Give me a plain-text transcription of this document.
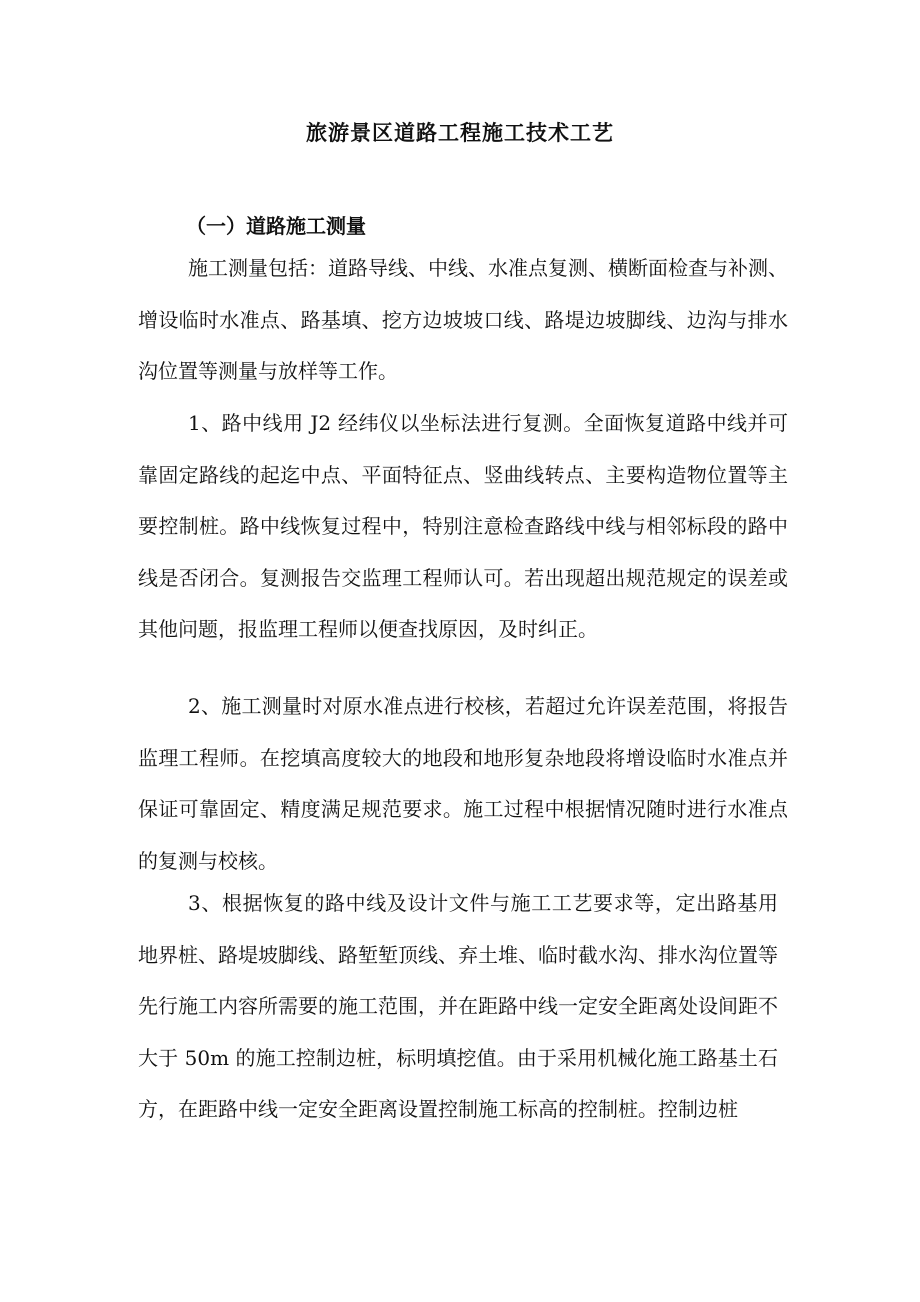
旅游景区道路工程施工技术工艺
（一）道路施工测量

施工测量包括：道路导线、中线、水准点复测、横断面检查与补测、增设临时水准点、路基填、挖方边坡坡口线、路堤边坡脚线、边沟与排水沟位置等测量与放样等工作。

1、路中线用 J2 经纬仪以坐标法进行复测。全面恢复道路中线并可靠固定路线的起迄中点、平面特征点、竖曲线转点、主要构造物位置等主要控制桩。路中线恢复过程中，特别注意检查路线中线与相邻标段的路中线是否闭合。复测报告交监理工程师认可。若出现超出规范规定的误差或其他问题，报监理工程师以便查找原因，及时纠正。

2、施工测量时对原水准点进行校核，若超过允许误差范围，将报告监理工程师。在挖填高度较大的地段和地形复杂地段将增设临时水准点并保证可靠固定、精度满足规范要求。施工过程中根据情况随时进行水准点的复测与校核。

3、根据恢复的路中线及设计文件与施工工艺要求等，定出路基用地界桩、路堤坡脚线、路堑堑顶线、弃土堆、临时截水沟、排水沟位置等先行施工内容所需要的施工范围，并在距路中线一定安全距离处设间距不大于 50m 的施工控制边桩，标明填挖值。由于采用机械化施工路基土石方，在距路中线一定安全距离设置控制施工标高的控制桩。控制边桩
